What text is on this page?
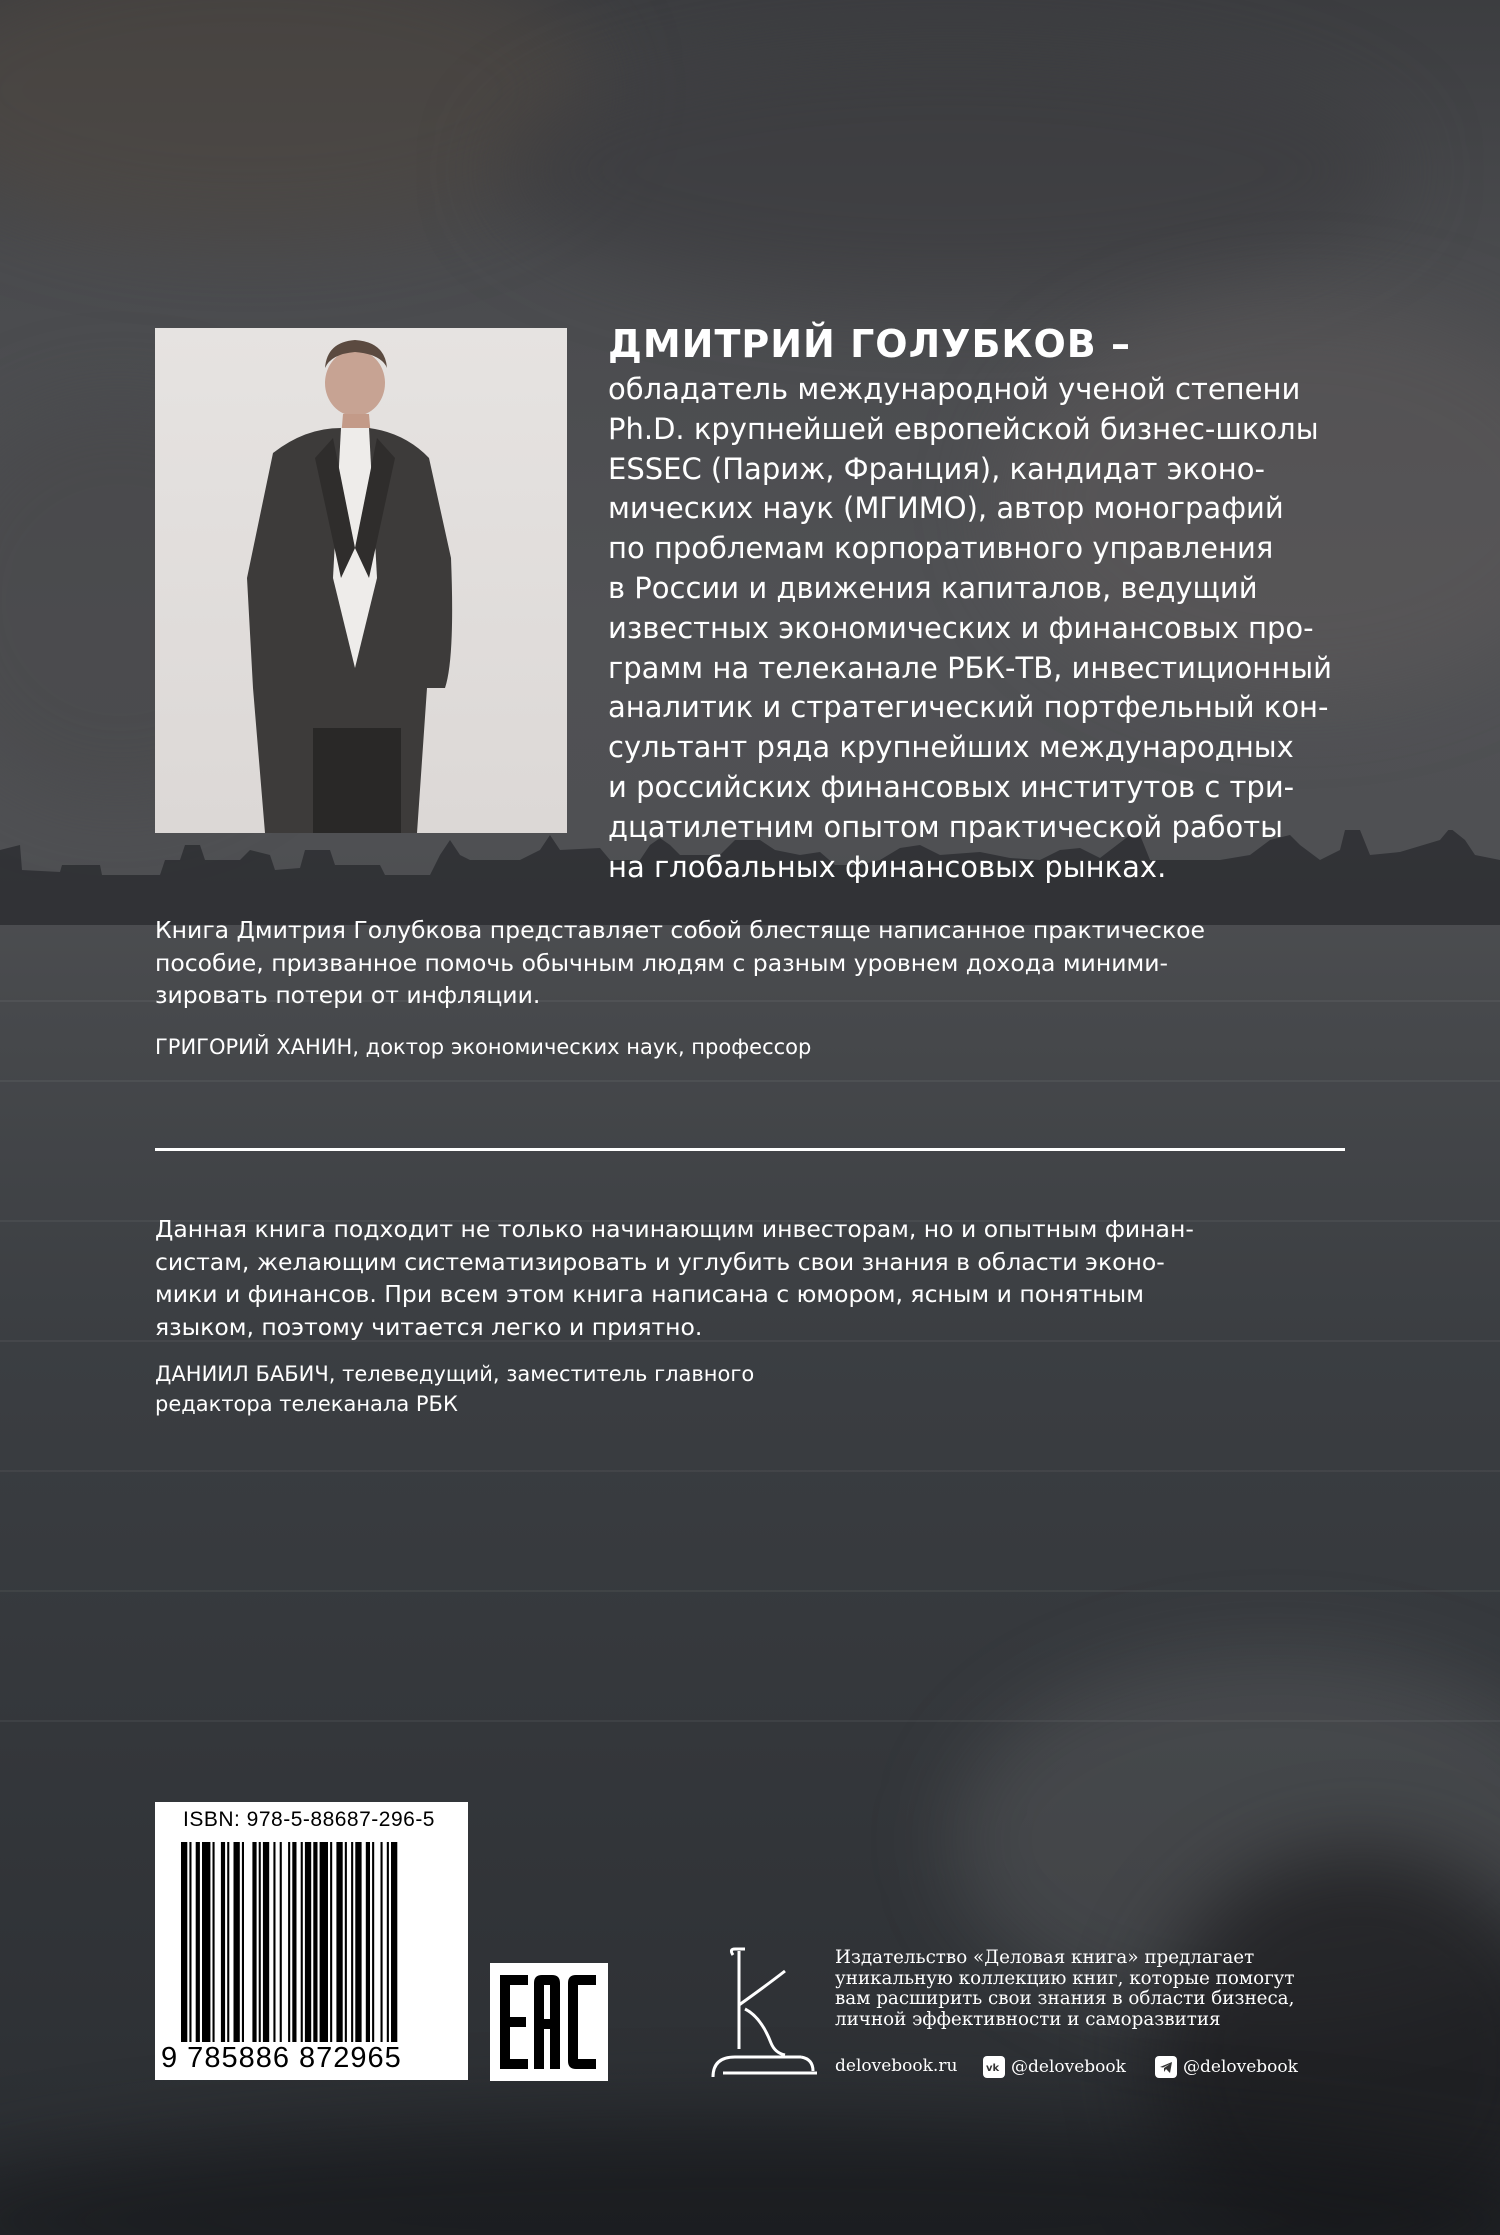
ДМИТРИЙ ГОЛУБКОВ –
обладатель международной ученой степени
Ph.D. крупнейшей европейской бизнес-школы
ESSEC (Париж, Франция), кандидат эконо-
мических наук (МГИМО), автор монографий
по проблемам корпоративного управления
в России и движения капиталов, ведущий
известных экономических и финансовых про-
грамм на телеканале РБК-ТВ, инвестиционный
аналитик и стратегический портфельный кон-
сультант ряда крупнейших международных
и российских финансовых институтов с три-
дцатилетним опытом практической работы
на глобальных финансовых рынках.
Книга Дмитрия Голубкова представляет собой блестяще написанное практическое
пособие, призванное помочь обычным людям с разным уровнем дохода миними-
зировать потери от инфляции.
ГРИГОРИЙ ХАНИН, доктор экономических наук, профессор
Данная книга подходит не только начинающим инвесторам, но и опытным финан-
систам, желающим систематизировать и углубить свои знания в области эконо-
мики и финансов. При всем этом книга написана с юмором, ясным и понятным
языком, поэтому читается легко и приятно.
ДАНИИЛ БАБИЧ, телеведущий, заместитель главного
редактора телеканала РБК
ISBN: 978-5-88687-296-5
9 785886 872965
Издательство «Деловая книга» предлагает
уникальную коллекцию книг, которые помогут
вам расширить свои знания в области бизнеса,
личной эффективности и саморазвития
delovebook.ru	vk @delovebook	@delovebook
